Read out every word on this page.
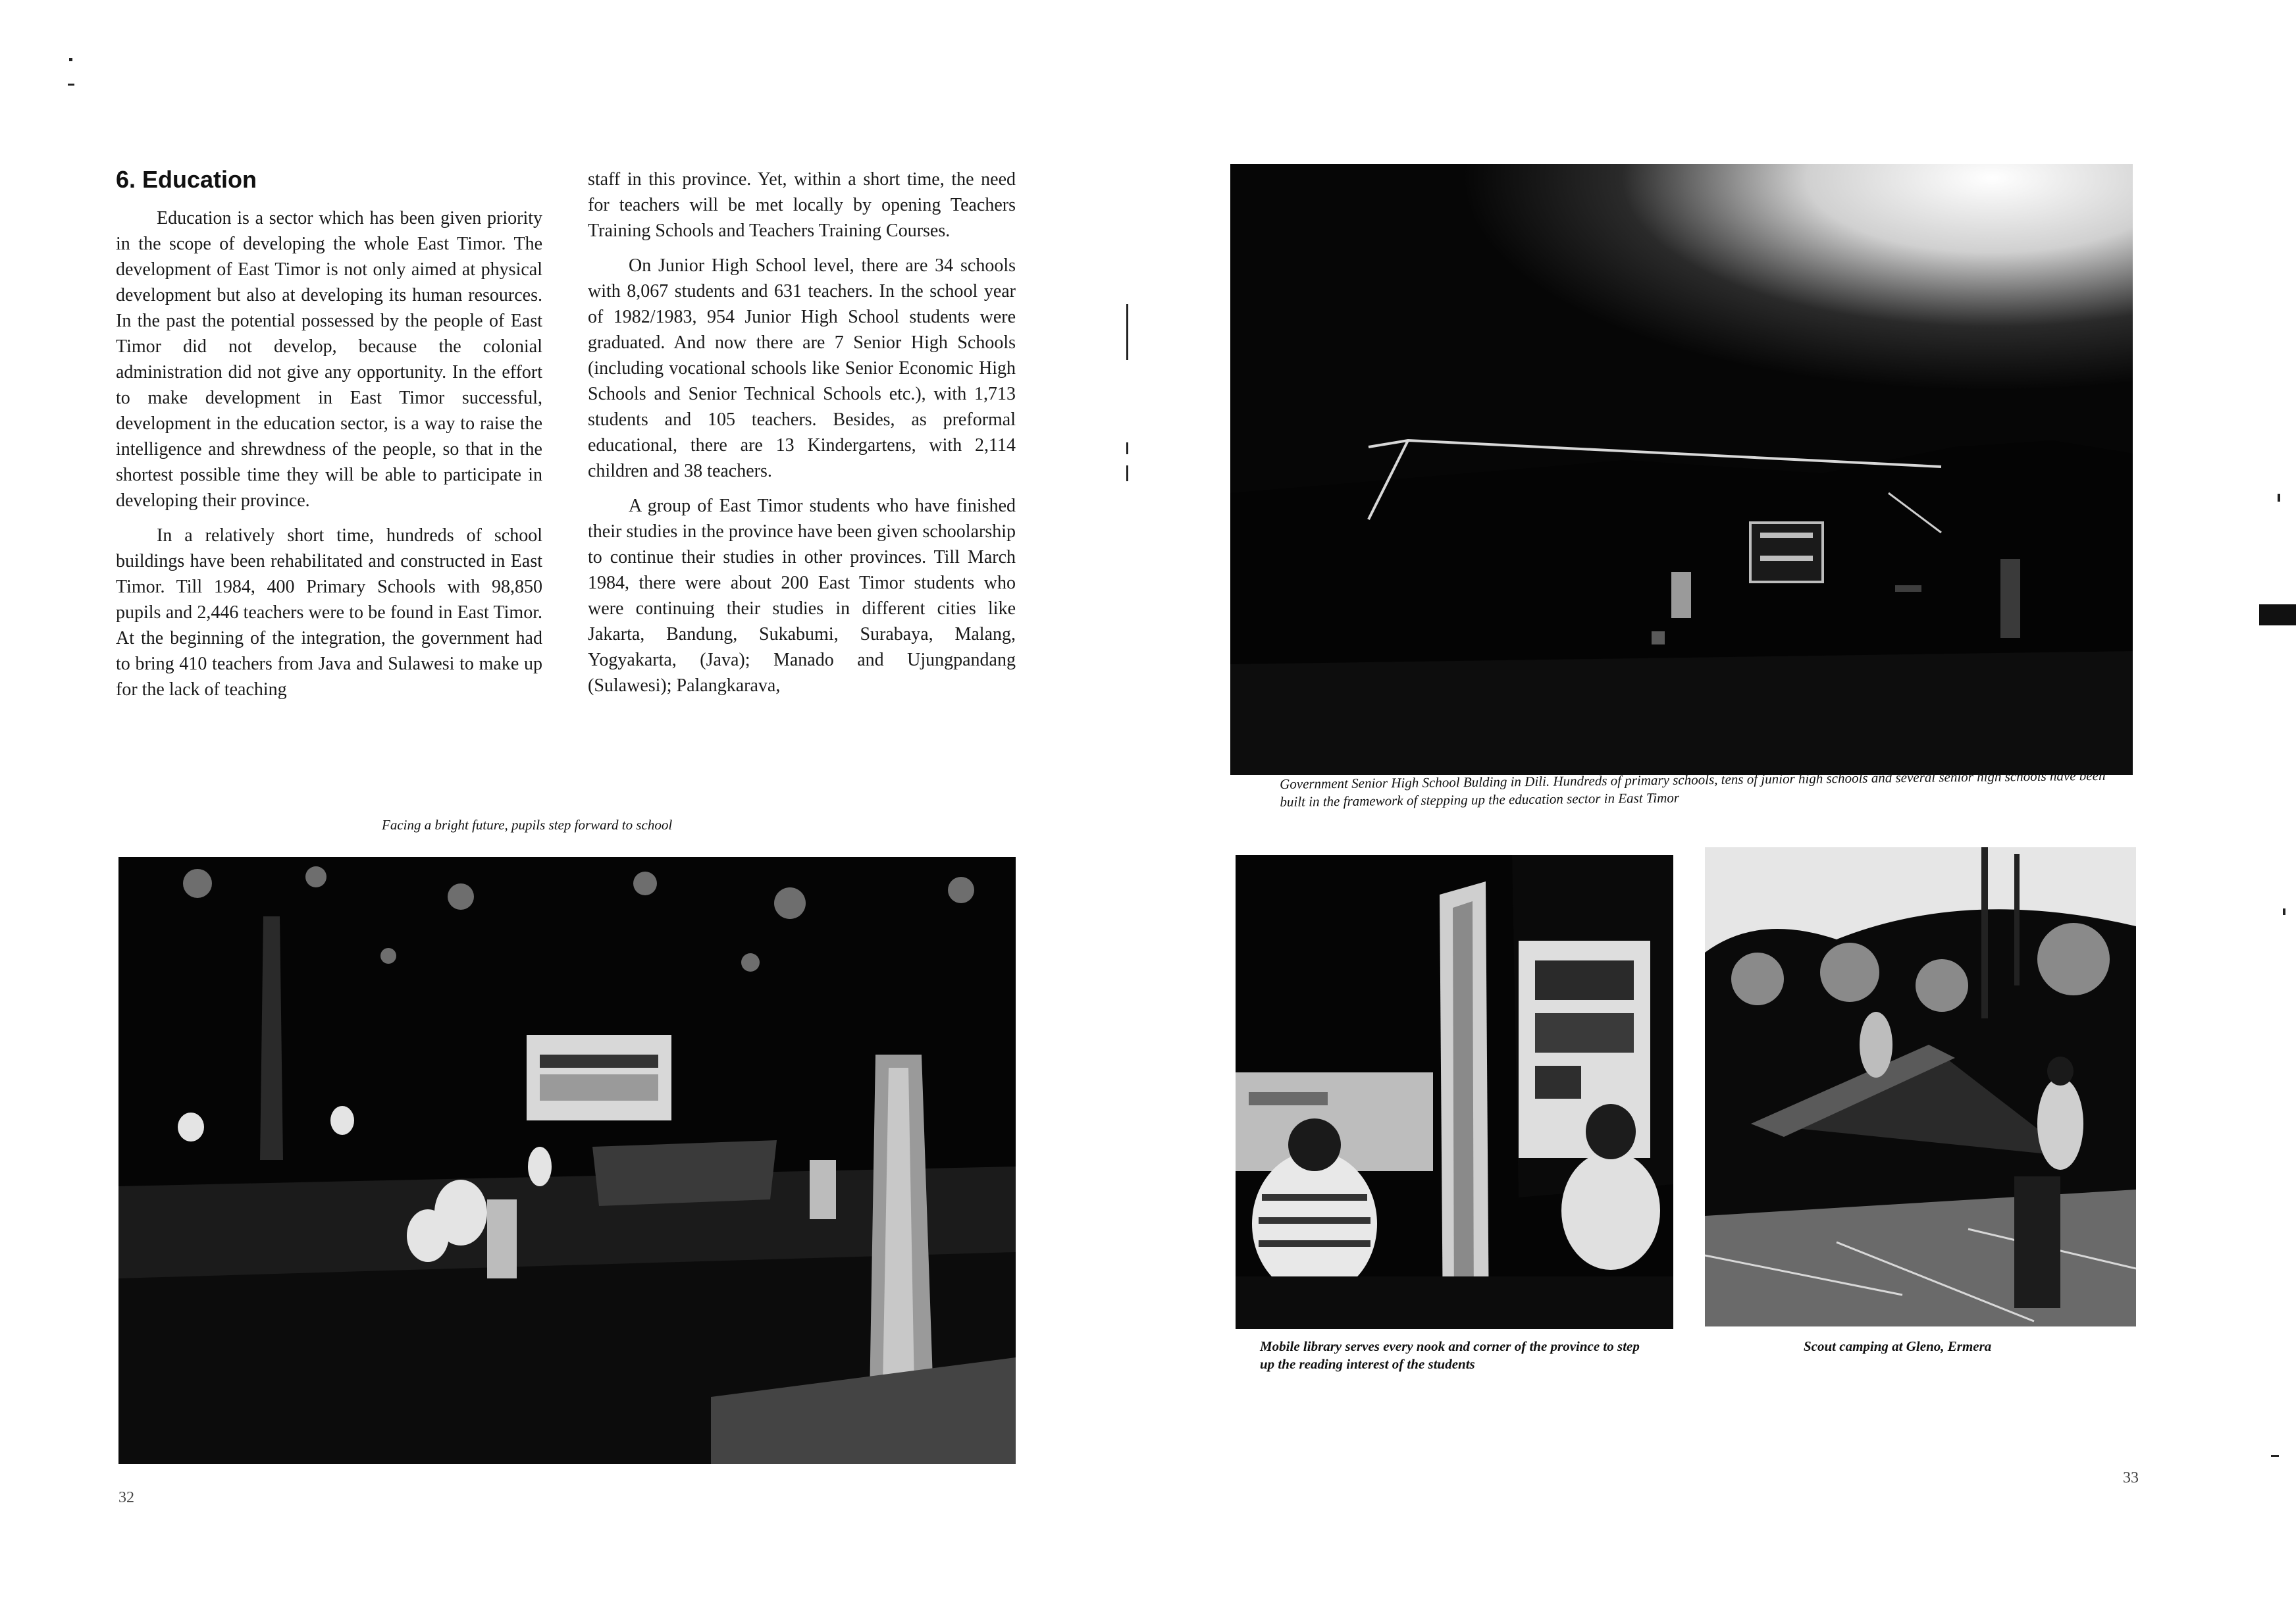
6. Education

Education is a sector which has been given priority in the scope of developing the whole East Timor. The development of East Timor is not only aimed at physical development but also at developing its human resources. In the past the potential possessed by the people of East Timor did not develop, because the colonial administration did not give any opportunity. In the effort to make development in East Timor successful, development in the education sector, is a way to raise the intelligence and shrewdness of the people, so that in the shortest possible time they will be able to participate in developing their province.

In a relatively short time, hundreds of school buildings have been rehabilitated and constructed in East Timor. Till 1984, 400 Primary Schools with 98,850 pupils and 2,446 teachers were to be found in East Timor. At the beginning of the integration, the government had to bring 410 teachers from Java and Sulawesi to make up for the lack of teaching

staff in this province. Yet, within a short time, the need for teachers will be met locally by opening Teachers Training Schools and Teachers Training Courses.

On Junior High School level, there are 34 schools with 8,067 students and 631 teachers. In the school year of 1982/1983, 954 Junior High School students were graduated. And now there are 7 Senior High Schools (including vocational schools like Senior Economic High Schools and Senior Technical Schools etc.), with 1,713 students and 105 teachers. Besides, as preformal educational, there are 13 Kindergartens, with 2,114 children and 38 teachers.

A group of East Timor students who have finished their studies in the province have been given schoolarship to continue their studies in other provinces. Till March 1984, there were about 200 East Timor students who were continuing their studies in different cities like Jakarta, Bandung, Sukabumi, Surabaya, Malang, Yogyakarta, (Java); Manado and Ujungpandang (Sulawesi); Palangkarava,

Facing a bright future, pupils step forward to school
32
Government Senior High School Bulding in Dili. Hundreds of primary schools, tens of junior high schools and several senior high schools have been built in the framework of stepping up the education sector in East Timor
Mobile library serves every nook and corner of the province to step up the reading interest of the students
Scout camping at Gleno, Ermera
33
